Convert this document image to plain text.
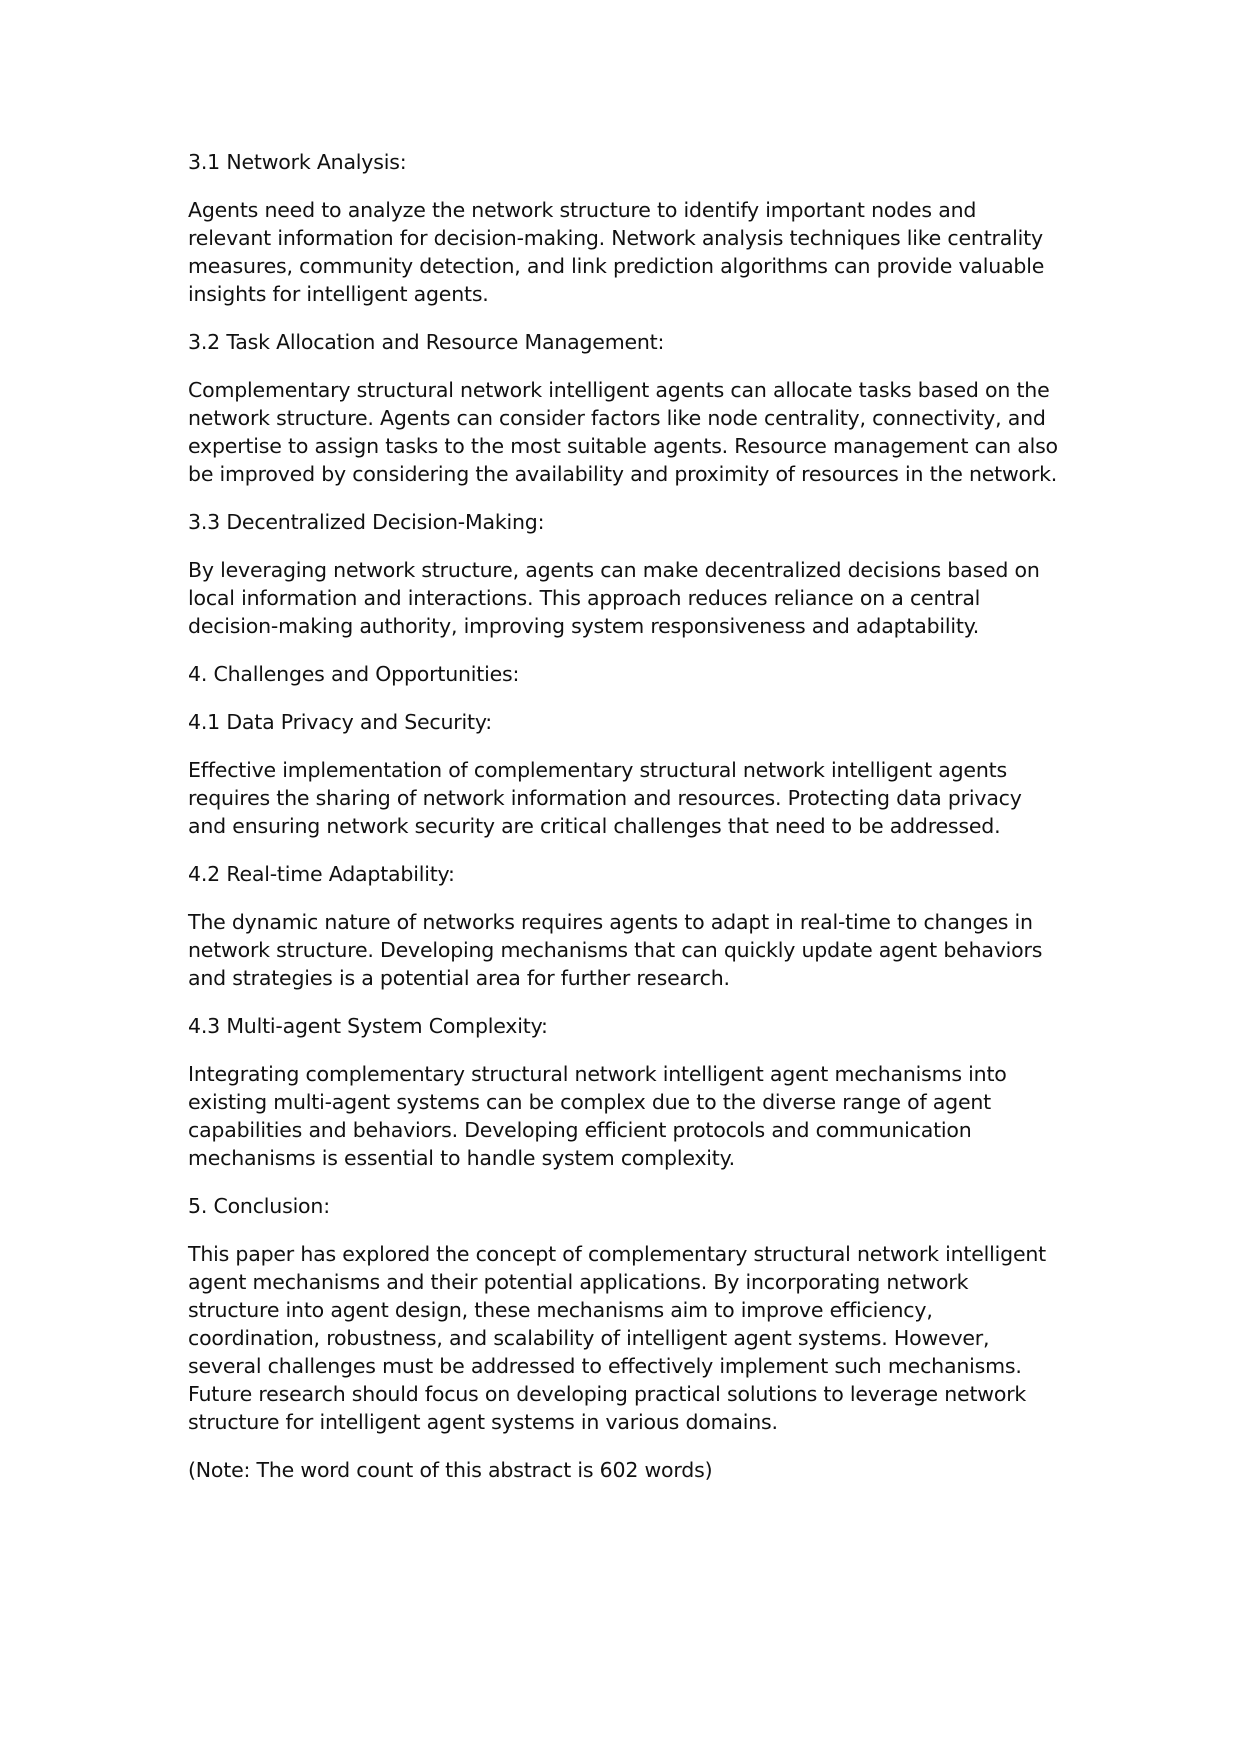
3.1 Network Analysis:

Agents need to analyze the network structure to identify important nodes and relevant information for decision-making. Network analysis techniques like centrality measures, community detection, and link prediction algorithms can provide valuable insights for intelligent agents.

3.2 Task Allocation and Resource Management:

Complementary structural network intelligent agents can allocate tasks based on the network structure. Agents can consider factors like node centrality, connectivity, and expertise to assign tasks to the most suitable agents. Resource management can also be improved by considering the availability and proximity of resources in the network.

3.3 Decentralized Decision-Making:

By leveraging network structure, agents can make decentralized decisions based on local information and interactions. This approach reduces reliance on a central decision-making authority, improving system responsiveness and adaptability.

4. Challenges and Opportunities:

4.1 Data Privacy and Security:

Effective implementation of complementary structural network intelligent agents requires the sharing of network information and resources. Protecting data privacy and ensuring network security are critical challenges that need to be addressed.

4.2 Real-time Adaptability:

The dynamic nature of networks requires agents to adapt in real-time to changes in network structure. Developing mechanisms that can quickly update agent behaviors and strategies is a potential area for further research.

4.3 Multi-agent System Complexity:

Integrating complementary structural network intelligent agent mechanisms into existing multi-agent systems can be complex due to the diverse range of agent capabilities and behaviors. Developing efficient protocols and communication mechanisms is essential to handle system complexity.

5. Conclusion:

This paper has explored the concept of complementary structural network intelligent agent mechanisms and their potential applications. By incorporating network structure into agent design, these mechanisms aim to improve efficiency, coordination, robustness, and scalability of intelligent agent systems. However, several challenges must be addressed to effectively implement such mechanisms. Future research should focus on developing practical solutions to leverage network structure for intelligent agent systems in various domains.

(Note: The word count of this abstract is 602 words)
